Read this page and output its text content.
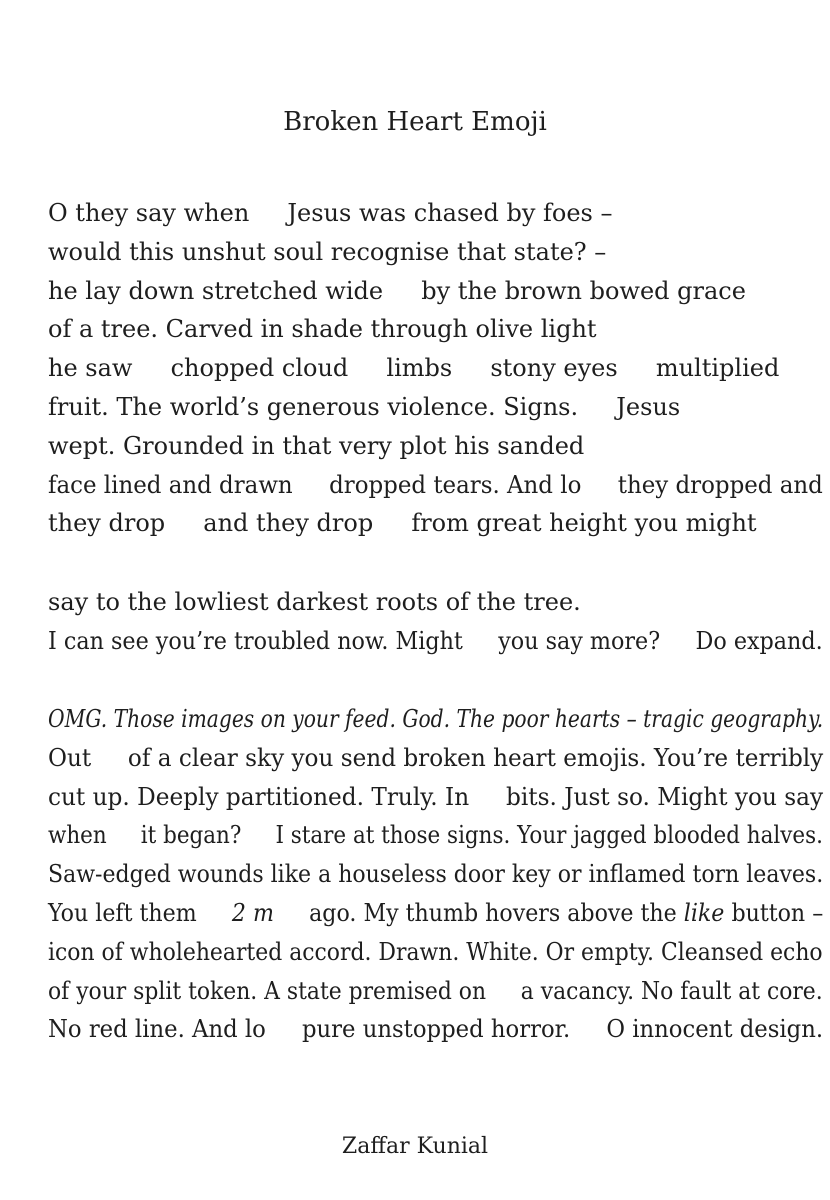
Broken Heart Emoji
O they say when     Jesus was chased by foes –
would this unshut soul recognise that state? –
he lay down stretched wide     by the brown bowed grace
of a tree. Carved in shade through olive light
he saw     chopped cloud     limbs     stony eyes     multiplied
fruit. The world’s generous violence. Signs.     Jesus
wept. Grounded in that very plot his sanded
face lined and drawn     dropped tears. And lo     they dropped and
they drop     and they drop     from great height you might
say to the lowliest darkest roots of the tree.
I can see you’re troubled now. Might     you say more?     Do expand.
OMG. Those images on your feed. God. The poor hearts – tragic geography.
Out     of a clear sky you send broken heart emojis. You’re terribly
cut up. Deeply partitioned. Truly. In     bits. Just so. Might you say
when     it began?     I stare at those signs. Your jagged blooded halves.
Saw-edged wounds like a houseless door key or inflamed torn leaves.
You left them     2 m     ago. My thumb hovers above the like button –
icon of wholehearted accord. Drawn. White. Or empty. Cleansed echo
of your split token. A state premised on     a vacancy. No fault at core.
No red line. And lo     pure unstopped horror.     O innocent design.
Zaffar Kunial
